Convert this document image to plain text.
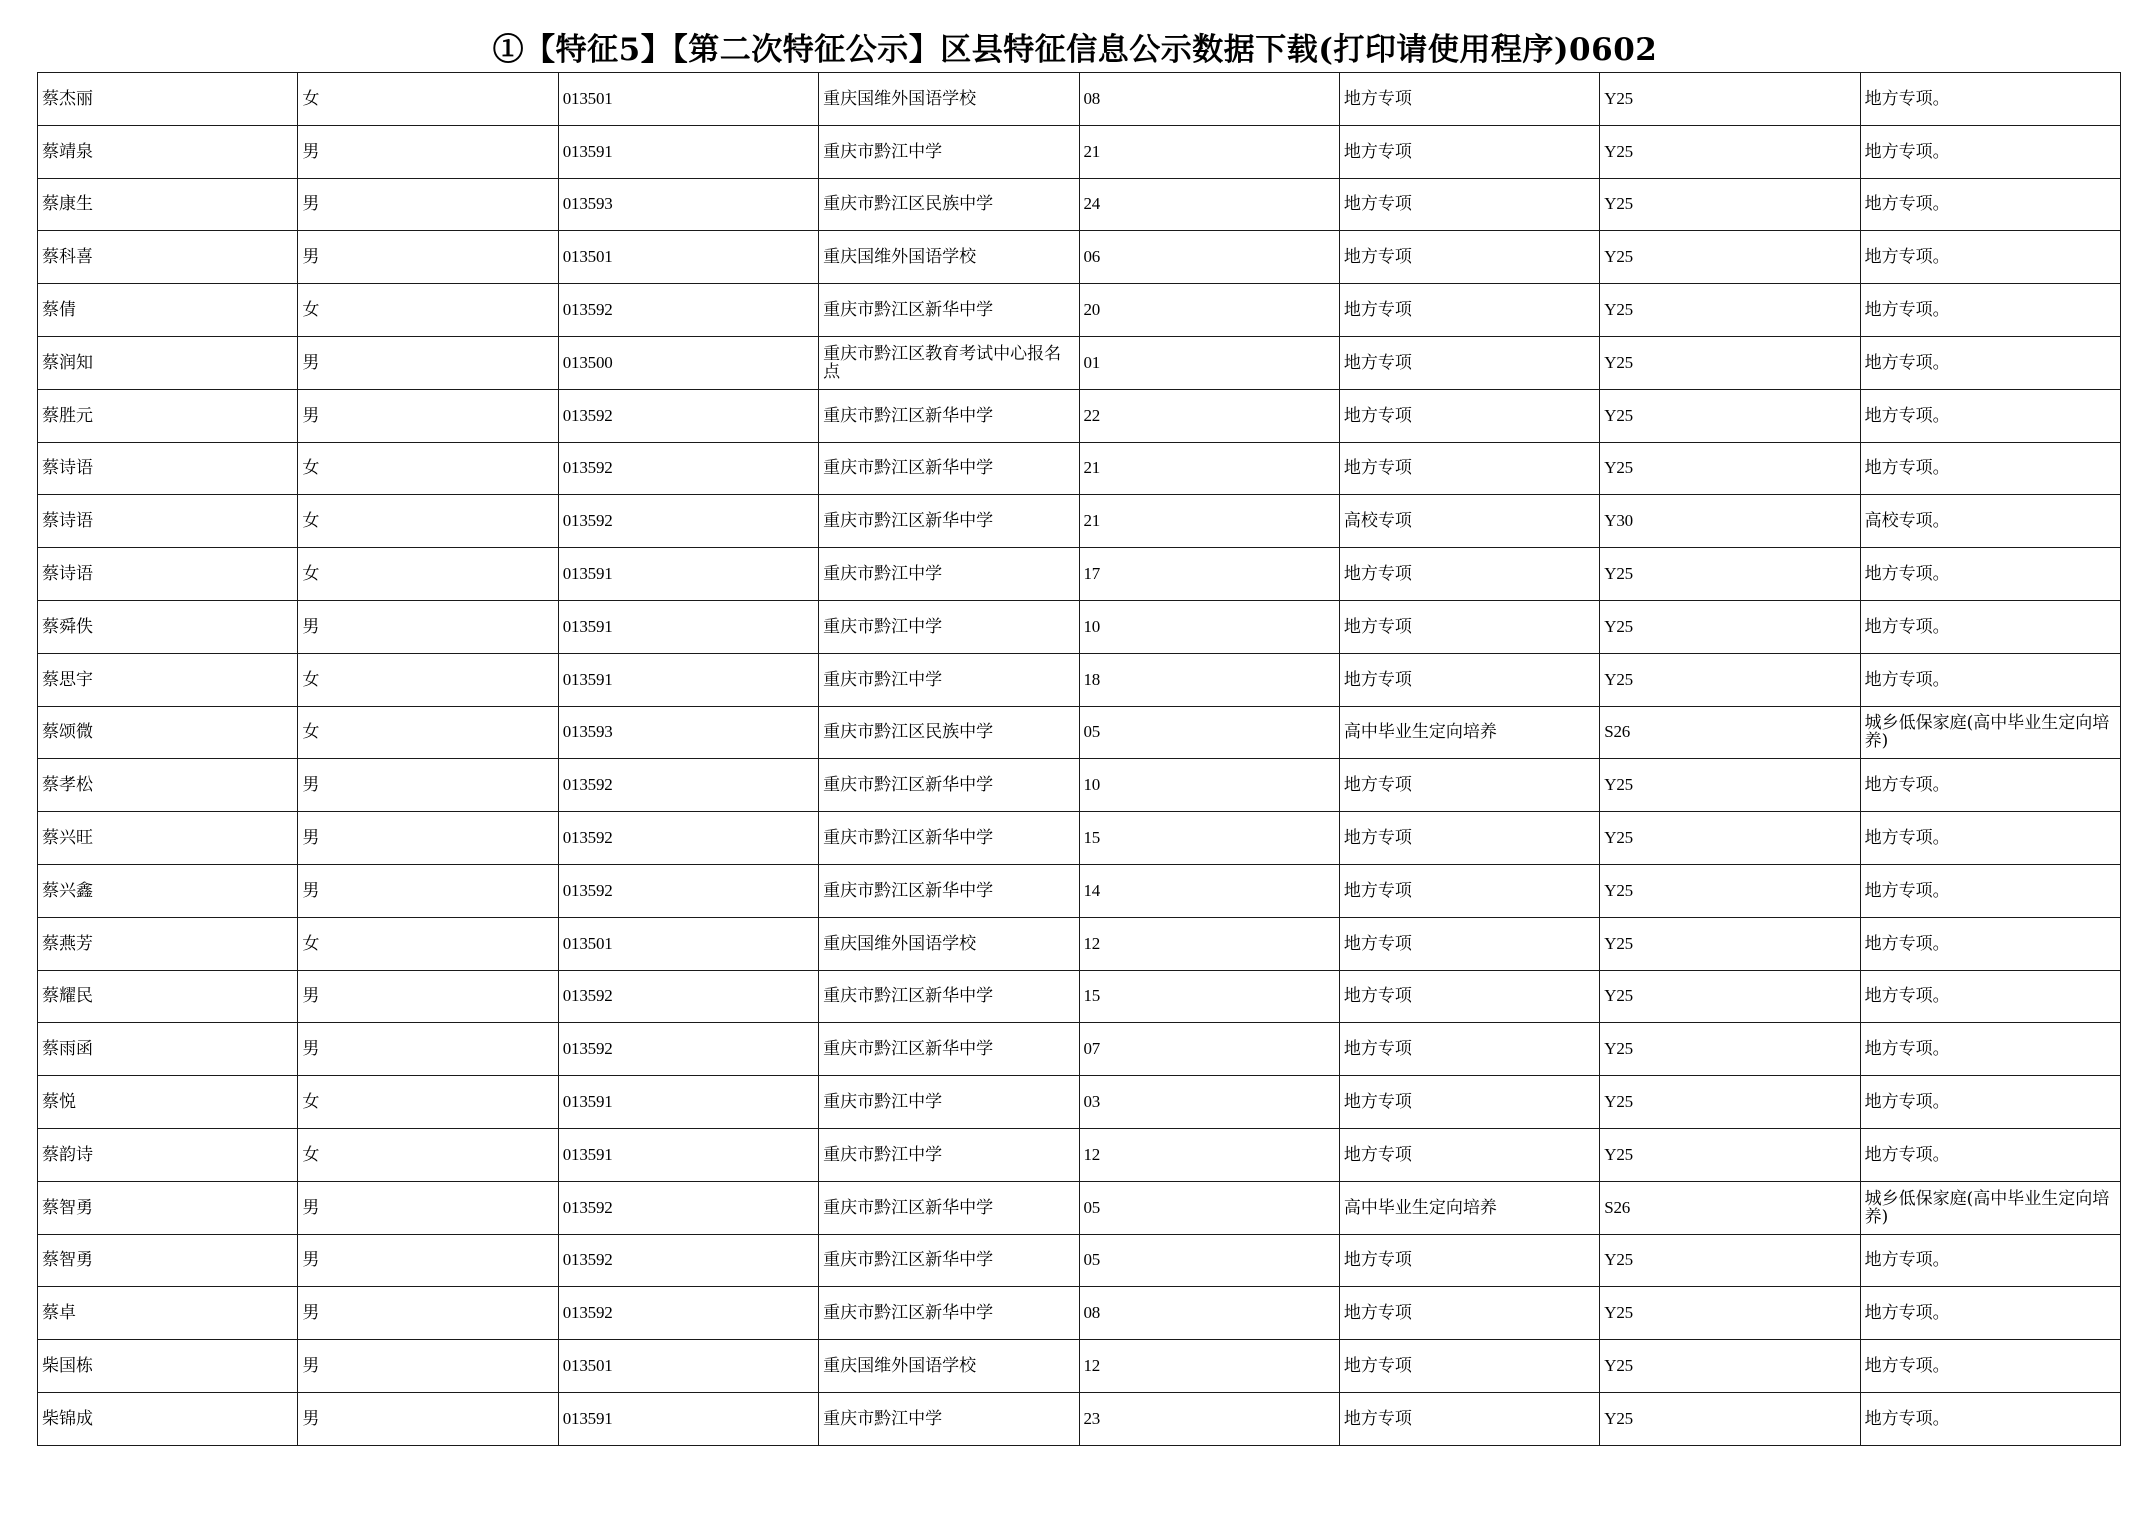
①【特征5】【第二次特征公示】区县特征信息公示数据下载(打印请使用程序)0602
蔡杰丽	女	013501	重庆国维外国语学校	08	地方专项	Y25	地方专项。
蔡靖泉	男	013591	重庆市黔江中学	21	地方专项	Y25	地方专项。
蔡康生	男	013593	重庆市黔江区民族中学	24	地方专项	Y25	地方专项。
蔡科喜	男	013501	重庆国维外国语学校	06	地方专项	Y25	地方专项。
蔡倩	女	013592	重庆市黔江区新华中学	20	地方专项	Y25	地方专项。
蔡润知	男	013500	重庆市黔江区教育考试中心报名点	01	地方专项	Y25	地方专项。
蔡胜元	男	013592	重庆市黔江区新华中学	22	地方专项	Y25	地方专项。
蔡诗语	女	013592	重庆市黔江区新华中学	21	地方专项	Y25	地方专项。
蔡诗语	女	013592	重庆市黔江区新华中学	21	高校专项	Y30	高校专项。
蔡诗语	女	013591	重庆市黔江中学	17	地方专项	Y25	地方专项。
蔡舜佚	男	013591	重庆市黔江中学	10	地方专项	Y25	地方专项。
蔡思宇	女	013591	重庆市黔江中学	18	地方专项	Y25	地方专项。
蔡颂微	女	013593	重庆市黔江区民族中学	05	高中毕业生定向培养	S26	城乡低保家庭(高中毕业生定向培养)
蔡孝松	男	013592	重庆市黔江区新华中学	10	地方专项	Y25	地方专项。
蔡兴旺	男	013592	重庆市黔江区新华中学	15	地方专项	Y25	地方专项。
蔡兴鑫	男	013592	重庆市黔江区新华中学	14	地方专项	Y25	地方专项。
蔡燕芳	女	013501	重庆国维外国语学校	12	地方专项	Y25	地方专项。
蔡耀民	男	013592	重庆市黔江区新华中学	15	地方专项	Y25	地方专项。
蔡雨函	男	013592	重庆市黔江区新华中学	07	地方专项	Y25	地方专项。
蔡悦	女	013591	重庆市黔江中学	03	地方专项	Y25	地方专项。
蔡韵诗	女	013591	重庆市黔江中学	12	地方专项	Y25	地方专项。
蔡智勇	男	013592	重庆市黔江区新华中学	05	高中毕业生定向培养	S26	城乡低保家庭(高中毕业生定向培养)
蔡智勇	男	013592	重庆市黔江区新华中学	05	地方专项	Y25	地方专项。
蔡卓	男	013592	重庆市黔江区新华中学	08	地方专项	Y25	地方专项。
柴国栋	男	013501	重庆国维外国语学校	12	地方专项	Y25	地方专项。
柴锦成	男	013591	重庆市黔江中学	23	地方专项	Y25	地方专项。
